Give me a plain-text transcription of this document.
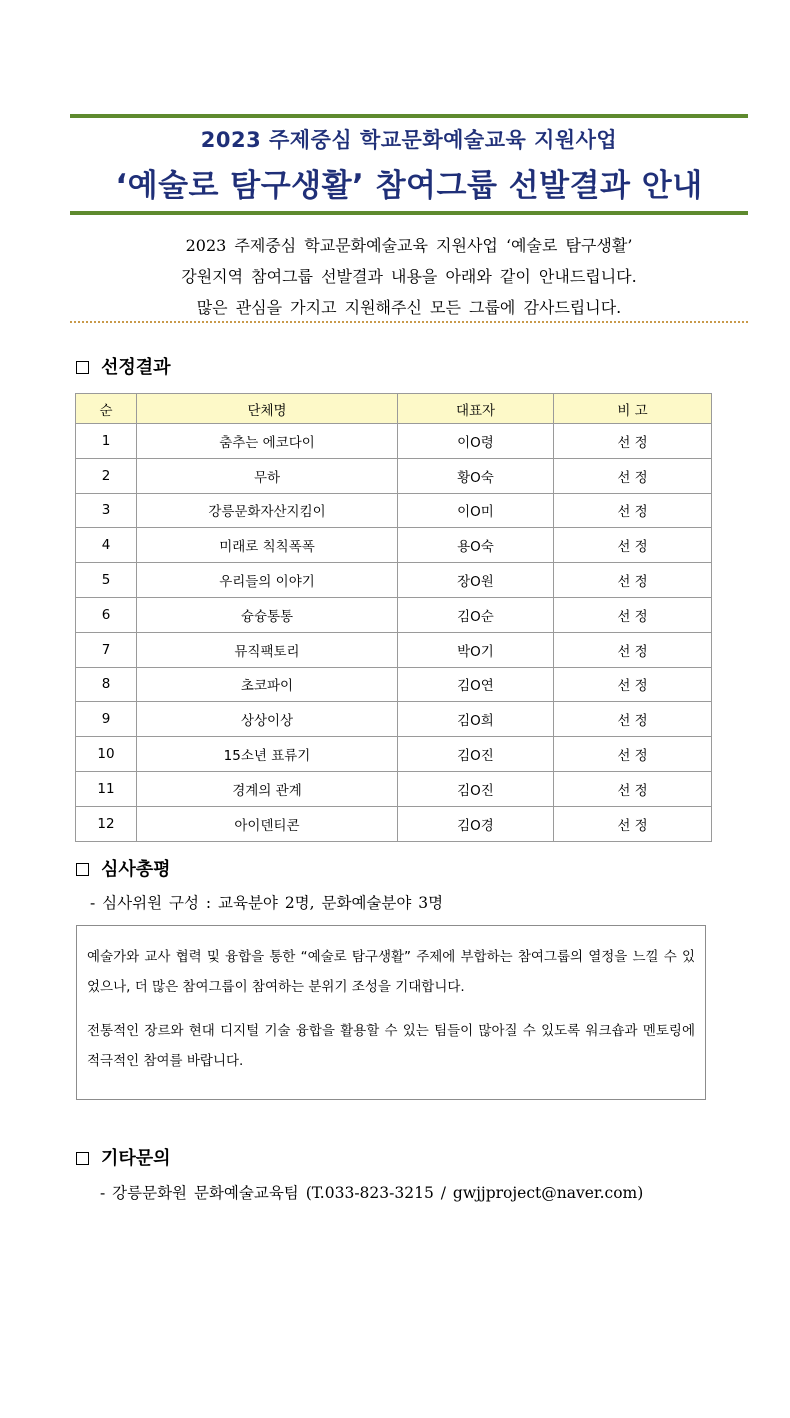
2023 주제중심 학교문화예술교육 지원사업
‘예술로 탐구생활’ 참여그룹 선발결과 안내
2023 주제중심 학교문화예술교육 지원사업 ‘예술로 탐구생활’
강원지역 참여그룹 선발결과 내용을 아래와 같이 안내드립니다.
많은 관심을 가지고 지원해주신 모든 그룹에 감사드립니다.
선정결과
순	단체명	대표자	비 고
1	춤추는 에코다이	이O령	선 정
2	무하	황O숙	선 정
3	강릉문화자산지킴이	이O미	선 정
4	미래로 칙칙폭폭	용O숙	선 정
5	우리들의 이야기	장O원	선 정
6	슝슝통통	김O순	선 정
7	뮤직팩토리	박O기	선 정
8	초코파이	김O연	선 정
9	상상이상	김O희	선 정
10	15소년 표류기	김O진	선 정
11	경계의 관계	김O진	선 정
12	아이덴티콘	김O경	선 정
심사총평
- 심사위원 구성 : 교육분야 2명, 문화예술분야 3명

예술가와 교사 협력 및 융합을 통한 “예술로 탐구생활” 주제에 부합하는 참여그룹의 열정을 느낄 수 있었으나, 더 많은 참여그룹이 참여하는 분위기 조성을 기대합니다.

전통적인 장르와 현대 디지털 기술 융합을 활용할 수 있는 팀들이 많아질 수 있도록 워크숍과 멘토링에 적극적인 참여를 바랍니다.

기타문의
- 강릉문화원 문화예술교육팀 (T.033-823-3215 / gwjjproject@naver.com)
